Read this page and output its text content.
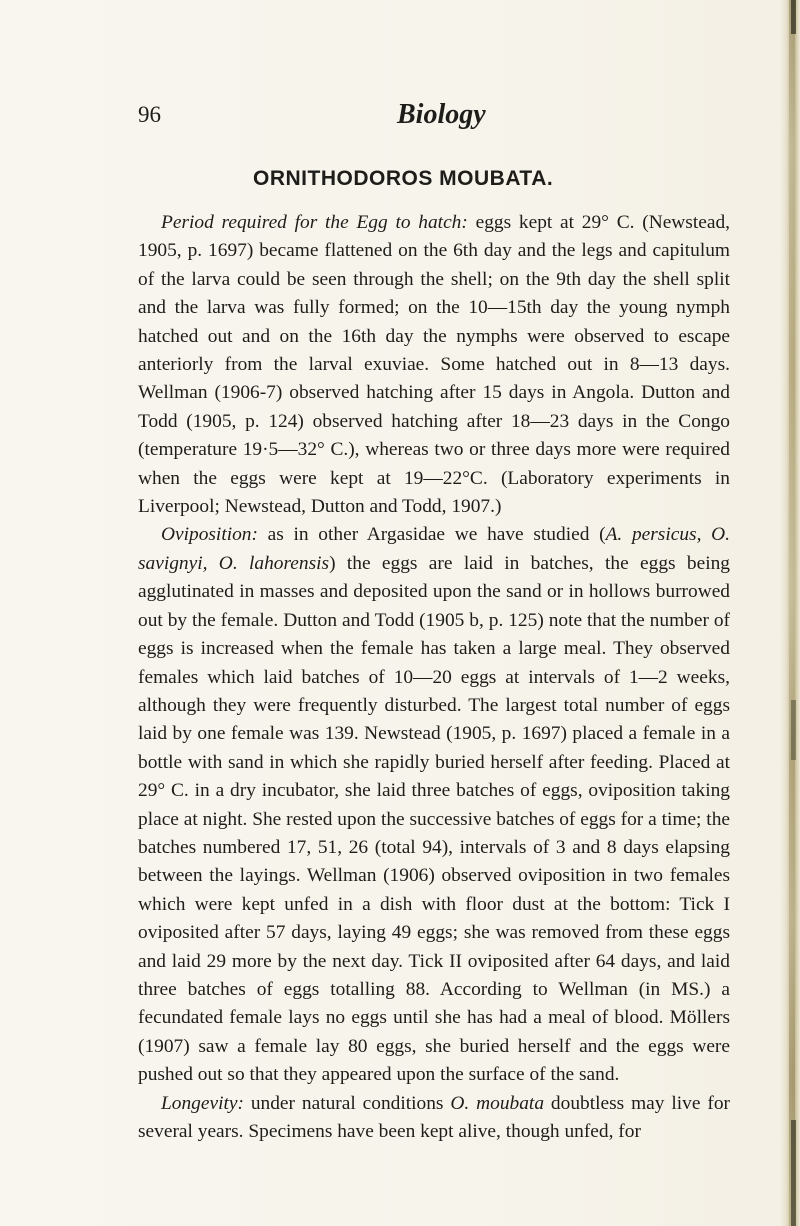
96	Biology
ORNITHODOROS MOUBATA.

Period required for the Egg to hatch: eggs kept at 29° C. (Newstead, 1905, p. 1697) became flattened on the 6th day and the legs and capitulum of the larva could be seen through the shell; on the 9th day the shell split and the larva was fully formed; on the 10—15th day the young nymph hatched out and on the 16th day the nymphs were observed to escape anteriorly from the larval exuviae. Some hatched out in 8—13 days. Wellman (1906-7) observed hatching after 15 days in Angola. Dutton and Todd (1905, p. 124) observed hatching after 18—23 days in the Congo (temperature 19·5—32° C.), whereas two or three days more were required when the eggs were kept at 19—22°C. (Laboratory experiments in Liverpool; Newstead, Dutton and Todd, 1907.)

Oviposition: as in other Argasidae we have studied (A. persicus, O. savignyi, O. lahorensis) the eggs are laid in batches, the eggs being agglutinated in masses and deposited upon the sand or in hollows burrowed out by the female. Dutton and Todd (1905 b, p. 125) note that the number of eggs is increased when the female has taken a large meal. They observed females which laid batches of 10—20 eggs at intervals of 1—2 weeks, although they were frequently disturbed. The largest total number of eggs laid by one female was 139. Newstead (1905, p. 1697) placed a female in a bottle with sand in which she rapidly buried herself after feeding. Placed at 29° C. in a dry incubator, she laid three batches of eggs, oviposition taking place at night. She rested upon the successive batches of eggs for a time; the batches numbered 17, 51, 26 (total 94), intervals of 3 and 8 days elapsing between the layings. Wellman (1906) observed oviposition in two females which were kept unfed in a dish with floor dust at the bottom: Tick I oviposited after 57 days, laying 49 eggs; she was removed from these eggs and laid 29 more by the next day. Tick II oviposited after 64 days, and laid three batches of eggs totalling 88. According to Wellman (in MS.) a fecundated female lays no eggs until she has had a meal of blood. Möllers (1907) saw a female lay 80 eggs, she buried herself and the eggs were pushed out so that they appeared upon the surface of the sand.

Longevity: under natural conditions O. moubata doubtless may live for several years. Specimens have been kept alive, though unfed, for
